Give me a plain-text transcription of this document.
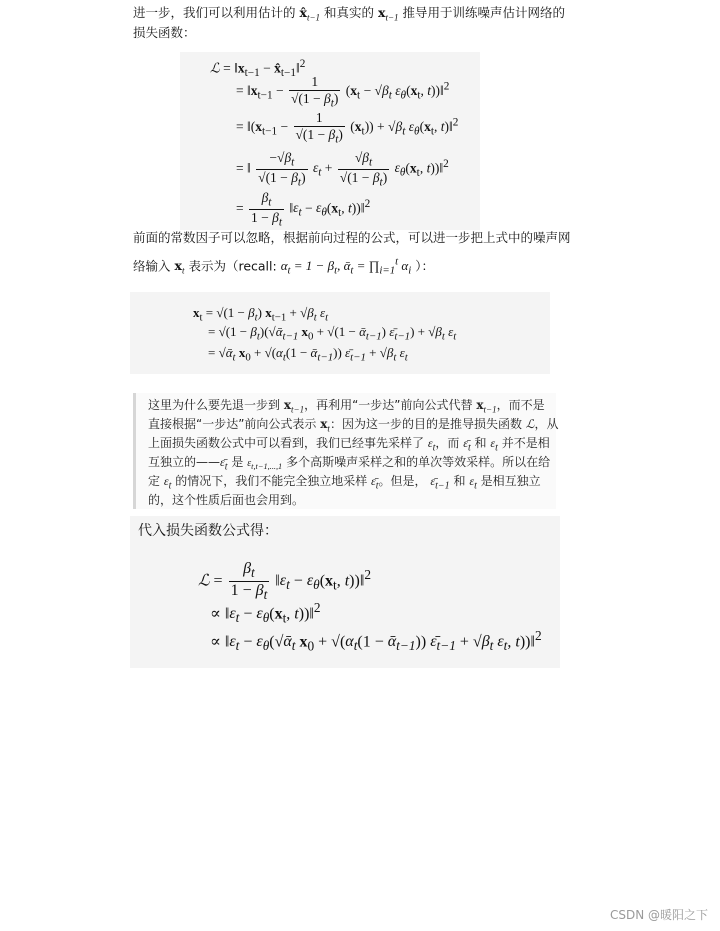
进一步，我们可以利用估计的 $x̂_{t-1}$ 和真实的 $x_{t-1}$ 推导用于训练噪声估计网络的
损失函数：
ℒ = $‖x_{t-1}$ − $x̂_{t-1}‖^2$
= $‖x_{t-1} - \frac{1}{√(1 - \beta_t)} (x_t - √\beta_t$ $\varepsilon_\theta(x_t$, t))‖$^2$
= $‖(x_{t-1} - \frac{1}{√(1 - \beta_t)} (x_t)) + √\beta_t$ $\varepsilon_\theta(x_t$, t)‖$^2$
= ‖ $\frac{-√\beta_t}{√(1 - \beta_t)} \varepsilon_t + \frac{√\beta_t}{√(1 - \beta_t)} \varepsilon_\theta(x_t$, t))‖$^2$
= $\frac{\beta_t}{1 - \beta_t}$ $‖\varepsilon_t - \varepsilon_\theta(x_t$, t))‖$^2$
前面的常数因子可以忽略，根据前向过程的公式，可以进一步把上式中的噪声网
络输入 $x_t$ 表示为（recall: $\alpha_t = 1 - \beta_t$, ᾱ$_t$ = $\prod_{i=1}^t$ $\alpha_i$ ）：
$x_t = √(1 - \beta_t) x_{t-1} + √\beta_t$ $\varepsilon_t$
= $√(1 - \beta_t)(√ᾱ_{t-1}$ $x_0 + √(1$ − ᾱ$_{t-1}$) $\varepsilon̄_{t-1}) + √\beta_t$ $\varepsilon_t$
= √ᾱ$_t$ $x_0 + √(\alpha_t(1$ − ᾱ$_{t-1}$)) $\varepsilon̄_{t-1} + √\beta_t$ $\varepsilon_t$
这里为什么要先退一步到 $x_{t-1}$，再利用“一步达”前向公式代替 $x_{t-1}$，而不是
直接根据“一步达”前向公式表示 $x_t$：因为这一步的目的是推导损失函数 ℒ，从
上面损失函数公式中可以看到，我们已经事先采样了 $\varepsilon_t$，而 $\varepsilon̄_t$ 和 $\varepsilon_t$ 并不是相
互独立的$——\varepsilon̄_t$ 是 $\varepsilon_{t,t-1,...,1}$ 多个高斯噪声采样之和的单次等效采样。所以在给
定 $\varepsilon_t$ 的情况下，我们不能完全独立地采样 $\varepsilon̄_t$。但是， $\varepsilon̄_{t-1}$ 和 $\varepsilon_t$ 是相互独立
的，这个性质后面也会用到。
代入损失函数公式得：
ℒ = $\frac{\beta_t}{1 - \beta_t}$ $‖\varepsilon_t - \varepsilon_\theta(x_t$, t))‖$^2$
∝ $‖\varepsilon_t - \varepsilon_\theta(x_t$, t))‖$^2$
∝ $‖\varepsilon_t$ − $\varepsilon_\theta(√ᾱ_t$ $x_0 + √(\alpha_t(1$ − ᾱ$_{t-1}$)) $\varepsilon̄_{t-1} + √\beta_t$ $\varepsilon_t$, t))‖$^2$
CSDN @暖阳之下
